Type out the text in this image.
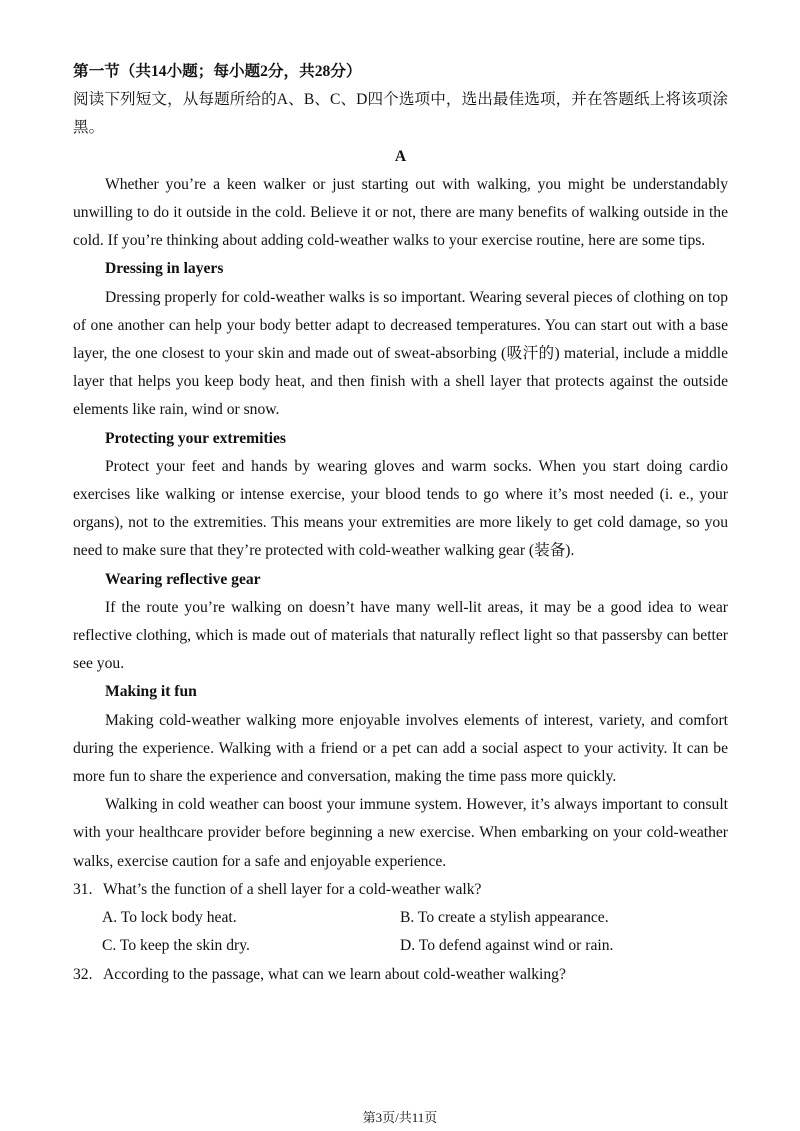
第一节（共14小题；每小题2分，共28分）

阅读下列短文，从每题所给的A、B、C、D四个选项中，选出最佳选项，并在答题纸上将该项涂黑。

A

Whether you’re a keen walker or just starting out with walking, you might be understandably unwilling to do it outside in the cold. Believe it or not, there are many benefits of walking outside in the cold. If you’re thinking about adding cold-weather walks to your exercise routine, here are some tips.

Dressing in layers

Dressing properly for cold-weather walks is so important. Wearing several pieces of clothing on top of one another can help your body better adapt to decreased temperatures. You can start out with a base layer, the one closest to your skin and made out of sweat-absorbing (吸汗的) material, include a middle layer that helps you keep body heat, and then finish with a shell layer that protects against the outside elements like rain, wind or snow.

Protecting your extremities

Protect your feet and hands by wearing gloves and warm socks. When you start doing cardio exercises like walking or intense exercise, your blood tends to go where it’s most needed (i. e., your organs), not to the extremities. This means your extremities are more likely to get cold damage, so you need to make sure that they’re protected with cold-weather walking gear (装备).

Wearing reflective gear

If the route you’re walking on doesn’t have many well-lit areas, it may be a good idea to wear reflective clothing, which is made out of materials that naturally reflect light so that passersby can better see you.

Making it fun

Making cold-weather walking more enjoyable involves elements of interest, variety, and comfort during the experience. Walking with a friend or a pet can add a social aspect to your activity. It can be more fun to share the experience and conversation, making the time pass more quickly.

Walking in cold weather can boost your immune system. However, it’s always important to consult with your healthcare provider before beginning a new exercise. When embarking on your cold-weather walks, exercise caution for a safe and enjoyable experience.

31. What’s the function of a shell layer for a cold-weather walk?
A. To lock body heat.	B. To create a stylish appearance.
C. To keep the skin dry.	D. To defend against wind or rain.
32. According to the passage, what can we learn about cold-weather walking?
第3页/共11页
